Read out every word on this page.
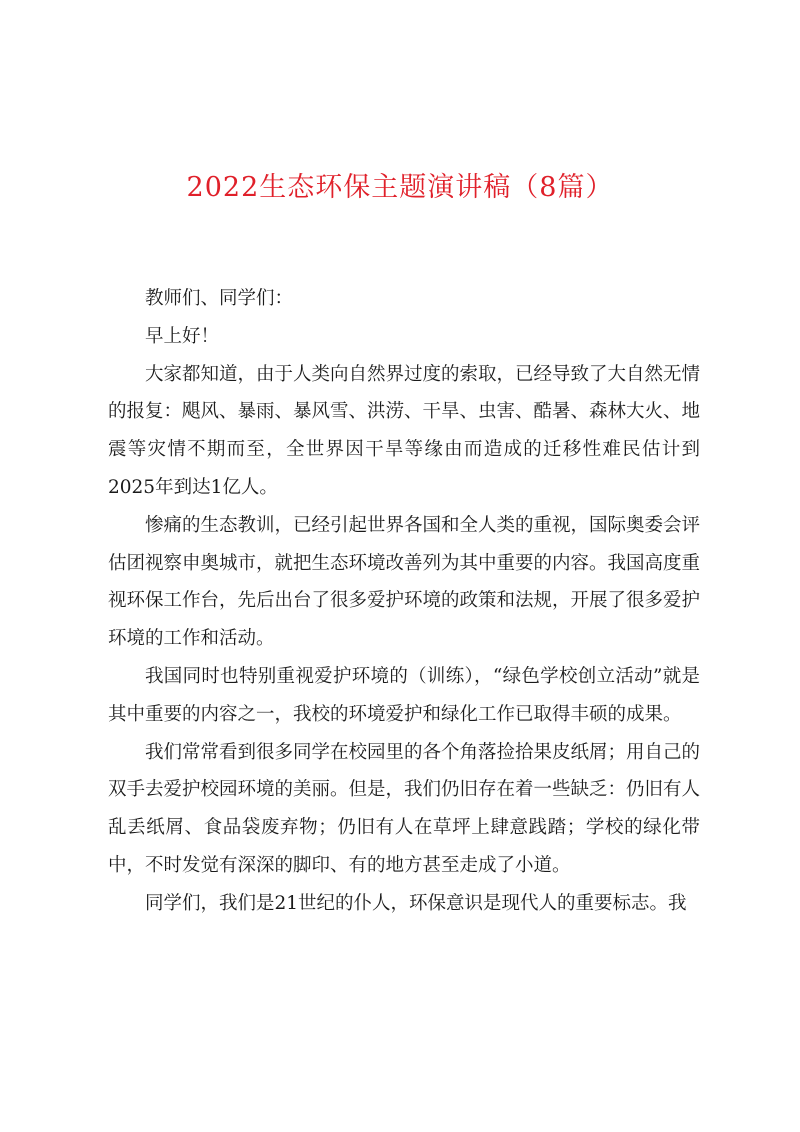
2022生态环保主题演讲稿（8篇）

教师们、同学们：

早上好！

大家都知道，由于人类向自然界过度的索取，已经导致了大自然无情的报复：飓风、暴雨、暴风雪、洪涝、干旱、虫害、酷暑、森林大火、地震等灾情不期而至，全世界因干旱等缘由而造成的迁移性难民估计到2025年到达1亿人。

惨痛的生态教训，已经引起世界各国和全人类的重视，国际奥委会评估团视察申奥城市，就把生态环境改善列为其中重要的内容。我国高度重视环保工作台，先后出台了很多爱护环境的政策和法规，开展了很多爱护环境的工作和活动。

我国同时也特别重视爱护环境的（训练），“绿色学校创立活动”就是其中重要的内容之一，我校的环境爱护和绿化工作已取得丰硕的成果。

我们常常看到很多同学在校园里的各个角落捡拾果皮纸屑；用自己的双手去爱护校园环境的美丽。但是，我们仍旧存在着一些缺乏：仍旧有人乱丢纸屑、食品袋废弃物；仍旧有人在草坪上肆意践踏；学校的绿化带中，不时发觉有深深的脚印、有的地方甚至走成了小道。

同学们，我们是21世纪的仆人，环保意识是现代人的重要标志。我
